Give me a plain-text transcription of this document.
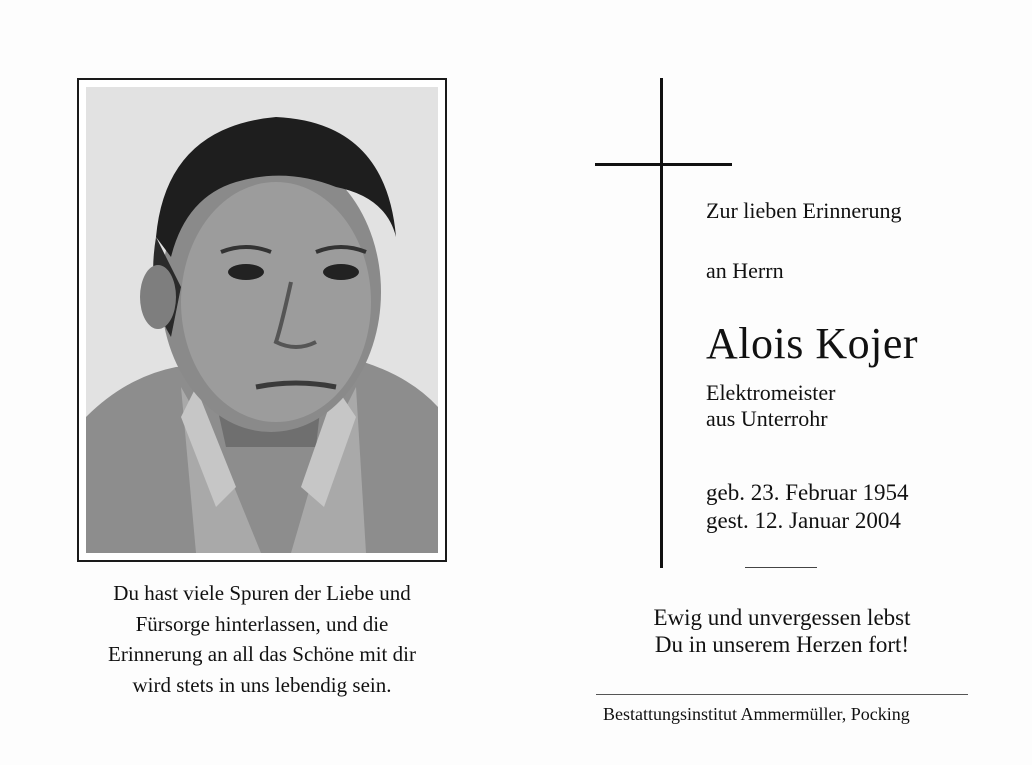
Du hast viele Spuren der Liebe und
Fürsorge hinterlassen, und die
Erinnerung an all das Schöne mit dir
wird stets in uns lebendig sein.
Zur lieben Erinnerung
an Herrn
Alois Kojer
Elektromeister
aus Unterrohr
geb. 23. Februar 1954
gest. 12. Januar 2004
Ewig und unvergessen lebst
Du in unserem Herzen fort!
Bestattungsinstitut Ammermüller, Pocking
